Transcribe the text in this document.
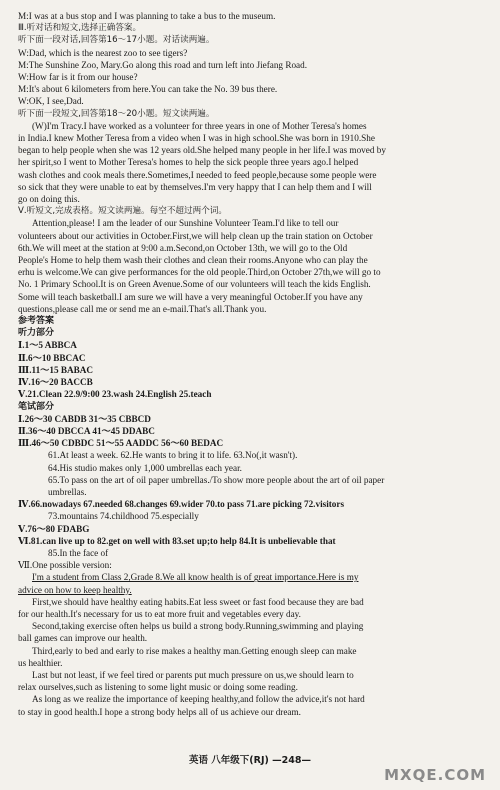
M:I was at a bus stop and I was planning to take a bus to the museum.
Ⅲ.听对话和短文,选择正确答案。
听下面一段对话,回答第16～17小题。对话读两遍。
W:Dad, which is the nearest zoo to see tigers?
M:The Sunshine Zoo, Mary.Go along this road and turn left into Jiefang Road.
W:How far is it from our house?
M:It's about 6 kilometers from here.You can take the No. 39 bus there.
W:OK, I see,Dad.
听下面一段短文,回答第18～20小题。短文读两遍。
(W)I'm Tracy.I have worked as a volunteer for three years in one of Mother Teresa's homes
in India.I knew Mother Teresa from a video when I was in high school.She was born in 1910.She
began to help people when she was 12 years old.She helped many people in her life.I was moved by
her spirit,so I went to Mother Teresa's homes to help the sick people three years ago.I helped
wash clothes and cook meals there.Sometimes,I needed to feed people,because some people were
so sick that they were unable to eat by themselves.I'm very happy that I can help them and I will
go on doing this.
Ⅴ.听短文,完成表格。短文读两遍。每空不超过两个词。
Attention,please! I am the leader of our Sunshine Volunteer Team.I'd like to tell our
volunteers about our activities in October.First,we will help clean up the train station on October
6th.We will meet at the station at 9:00 a.m.Second,on October 13th, we will go to the Old
People's Home to help them wash their clothes and clean their rooms.Anyone who can play the
erhu is welcome.We can give performances for the old people.Third,on October 27th,we will go to
No. 1 Primary School.It is on Green Avenue.Some of our volunteers will teach the kids English.
Some will teach basketball.I am sure we will have a very meaningful October.If you have any
questions,please call me or send me an e-mail.That's all.Thank you.
参考答案
听力部分
Ⅰ.1～5 ABBCA
Ⅱ.6～10 BBCAC
Ⅲ.11～15 BABAC
Ⅳ.16～20 BACCB
Ⅴ.21.Clean 22.9/9:00 23.wash 24.English 25.teach
笔试部分
Ⅰ.26～30 CABDB 31～35 CBBCD
Ⅱ.36～40 DBCCA 41～45 DDABC
Ⅲ.46～50 CDBDC 51～55 AADDC 56～60 BEDAC
61.At least a week. 62.He wants to bring it to life. 63.No(,it wasn't).
64.His studio makes only 1,000 umbrellas each year.
65.To pass on the art of oil paper umbrellas./To show more people about the art of oil paper
umbrellas.
Ⅳ.66.nowadays 67.needed 68.changes 69.wider 70.to pass 71.are picking 72.visitors
73.mountains 74.childhood 75.especially
Ⅴ.76～80 FDABG
Ⅵ.81.can live up to 82.get on well with 83.set up;to help 84.It is unbelievable that
85.In the face of
Ⅶ.One possible version:
I'm a student from Class 2,Grade 8.We all know health is of great importance.Here is my
advice on how to keep healthy.
First,we should have healthy eating habits.Eat less sweet or fast food because they are bad
for our health.It's necessary for us to eat more fruit and vegetables every day.
Second,taking exercise often helps us build a strong body.Running,swimming and playing
ball games can improve our health.
Third,early to bed and early to rise makes a healthy man.Getting enough sleep can make
us healthier.
Last but not least, if we feel tired or parents put much pressure on us,we should learn to
relax ourselves,such as listening to some light music or doing some reading.
As long as we realize the importance of keeping healthy,and follow the advice,it's not hard
to stay in good health.I hope a strong body helps all of us achieve our dream.
英语 八年级下(RJ) —248—
MXQE.COM
